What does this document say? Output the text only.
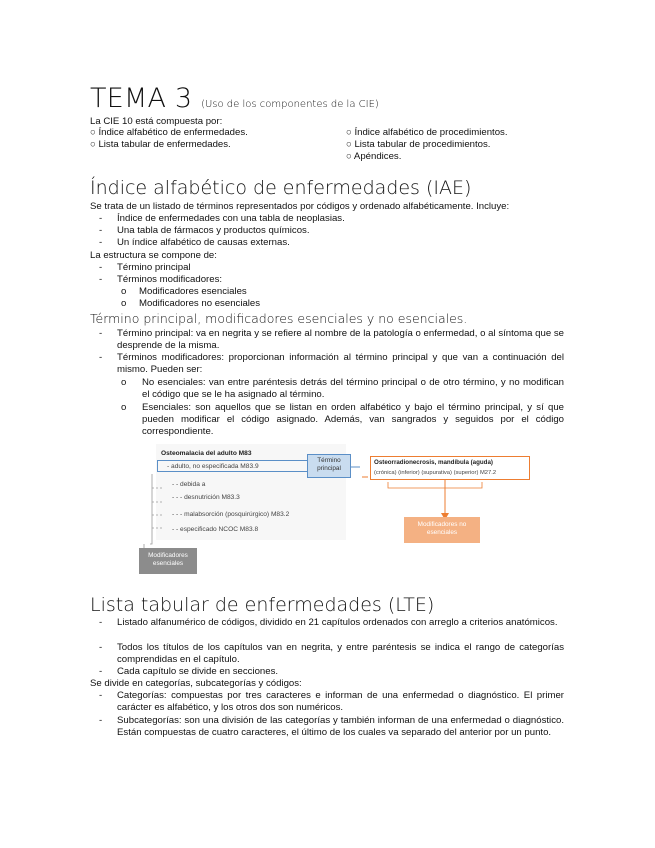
TEMA 3 (Uso de los componentes de la CIE)
La CIE 10 está compuesta por:
○ Índice alfabético de enfermedades.
○ Lista tabular de enfermedades.
○ Índice alfabético de procedimientos.
○ Lista tabular de procedimientos.
○ Apéndices.
Índice alfabético de enfermedades (IAE)
Se trata de un listado de términos representados por códigos y ordenado alfabéticamente. Incluye:
- Índice de enfermedades con una tabla de neoplasias.
- Una tabla de fármacos y productos químicos.
- Un índice alfabético de causas externas.
La estructura se compone de:
- Término principal
- Términos modificadores:
o Modificadores esenciales
o Modificadores no esenciales
Término principal, modificadores esenciales y no esenciales.
- Término principal: va en negrita y se refiere al nombre de la patología o enfermedad, o al síntoma que se desprende de la misma.
- Términos modificadores: proporcionan información al término principal y que van a continuación del mismo. Pueden ser:
o No esenciales: van entre paréntesis detrás del término principal o de otro término, y no modifican el código que se le ha asignado al término.
o Esenciales: son aquellos que se listan en orden alfabético y bajo el término principal, y sí que pueden modificar el código asignado. Además, van sangrados y seguidos por el código correspondiente.
Osteomalacia del adulto M83
- adulto, no especificada M83.9
- - debida a
- - - desnutrición M83.3
- - - malabsorción (posquirúrgico) M83.2
- - especificado NCOC M83.8
Término principal
Osteorradionecrosis, mandíbula (aguda)
(crónica) (inferior) (supurativa) (superior) M27.2
Modificadores no esenciales
Modificadores esenciales
Lista tabular de enfermedades (LTE)
- Listado alfanumérico de códigos, dividido en 21 capítulos ordenados con arreglo a criterios anatómicos.
- Todos los títulos de los capítulos van en negrita, y entre paréntesis se indica el rango de categorías comprendidas en el capítulo.
- Cada capítulo se divide en secciones.
Se divide en categorías, subcategorías y códigos:
- Categorías: compuestas por tres caracteres e informan de una enfermedad o diagnóstico. El primer carácter es alfabético, y los otros dos son numéricos.
- Subcategorías: son una división de las categorías y también informan de una enfermedad o diagnóstico. Están compuestas de cuatro caracteres, el último de los cuales va separado del anterior por un punto.
